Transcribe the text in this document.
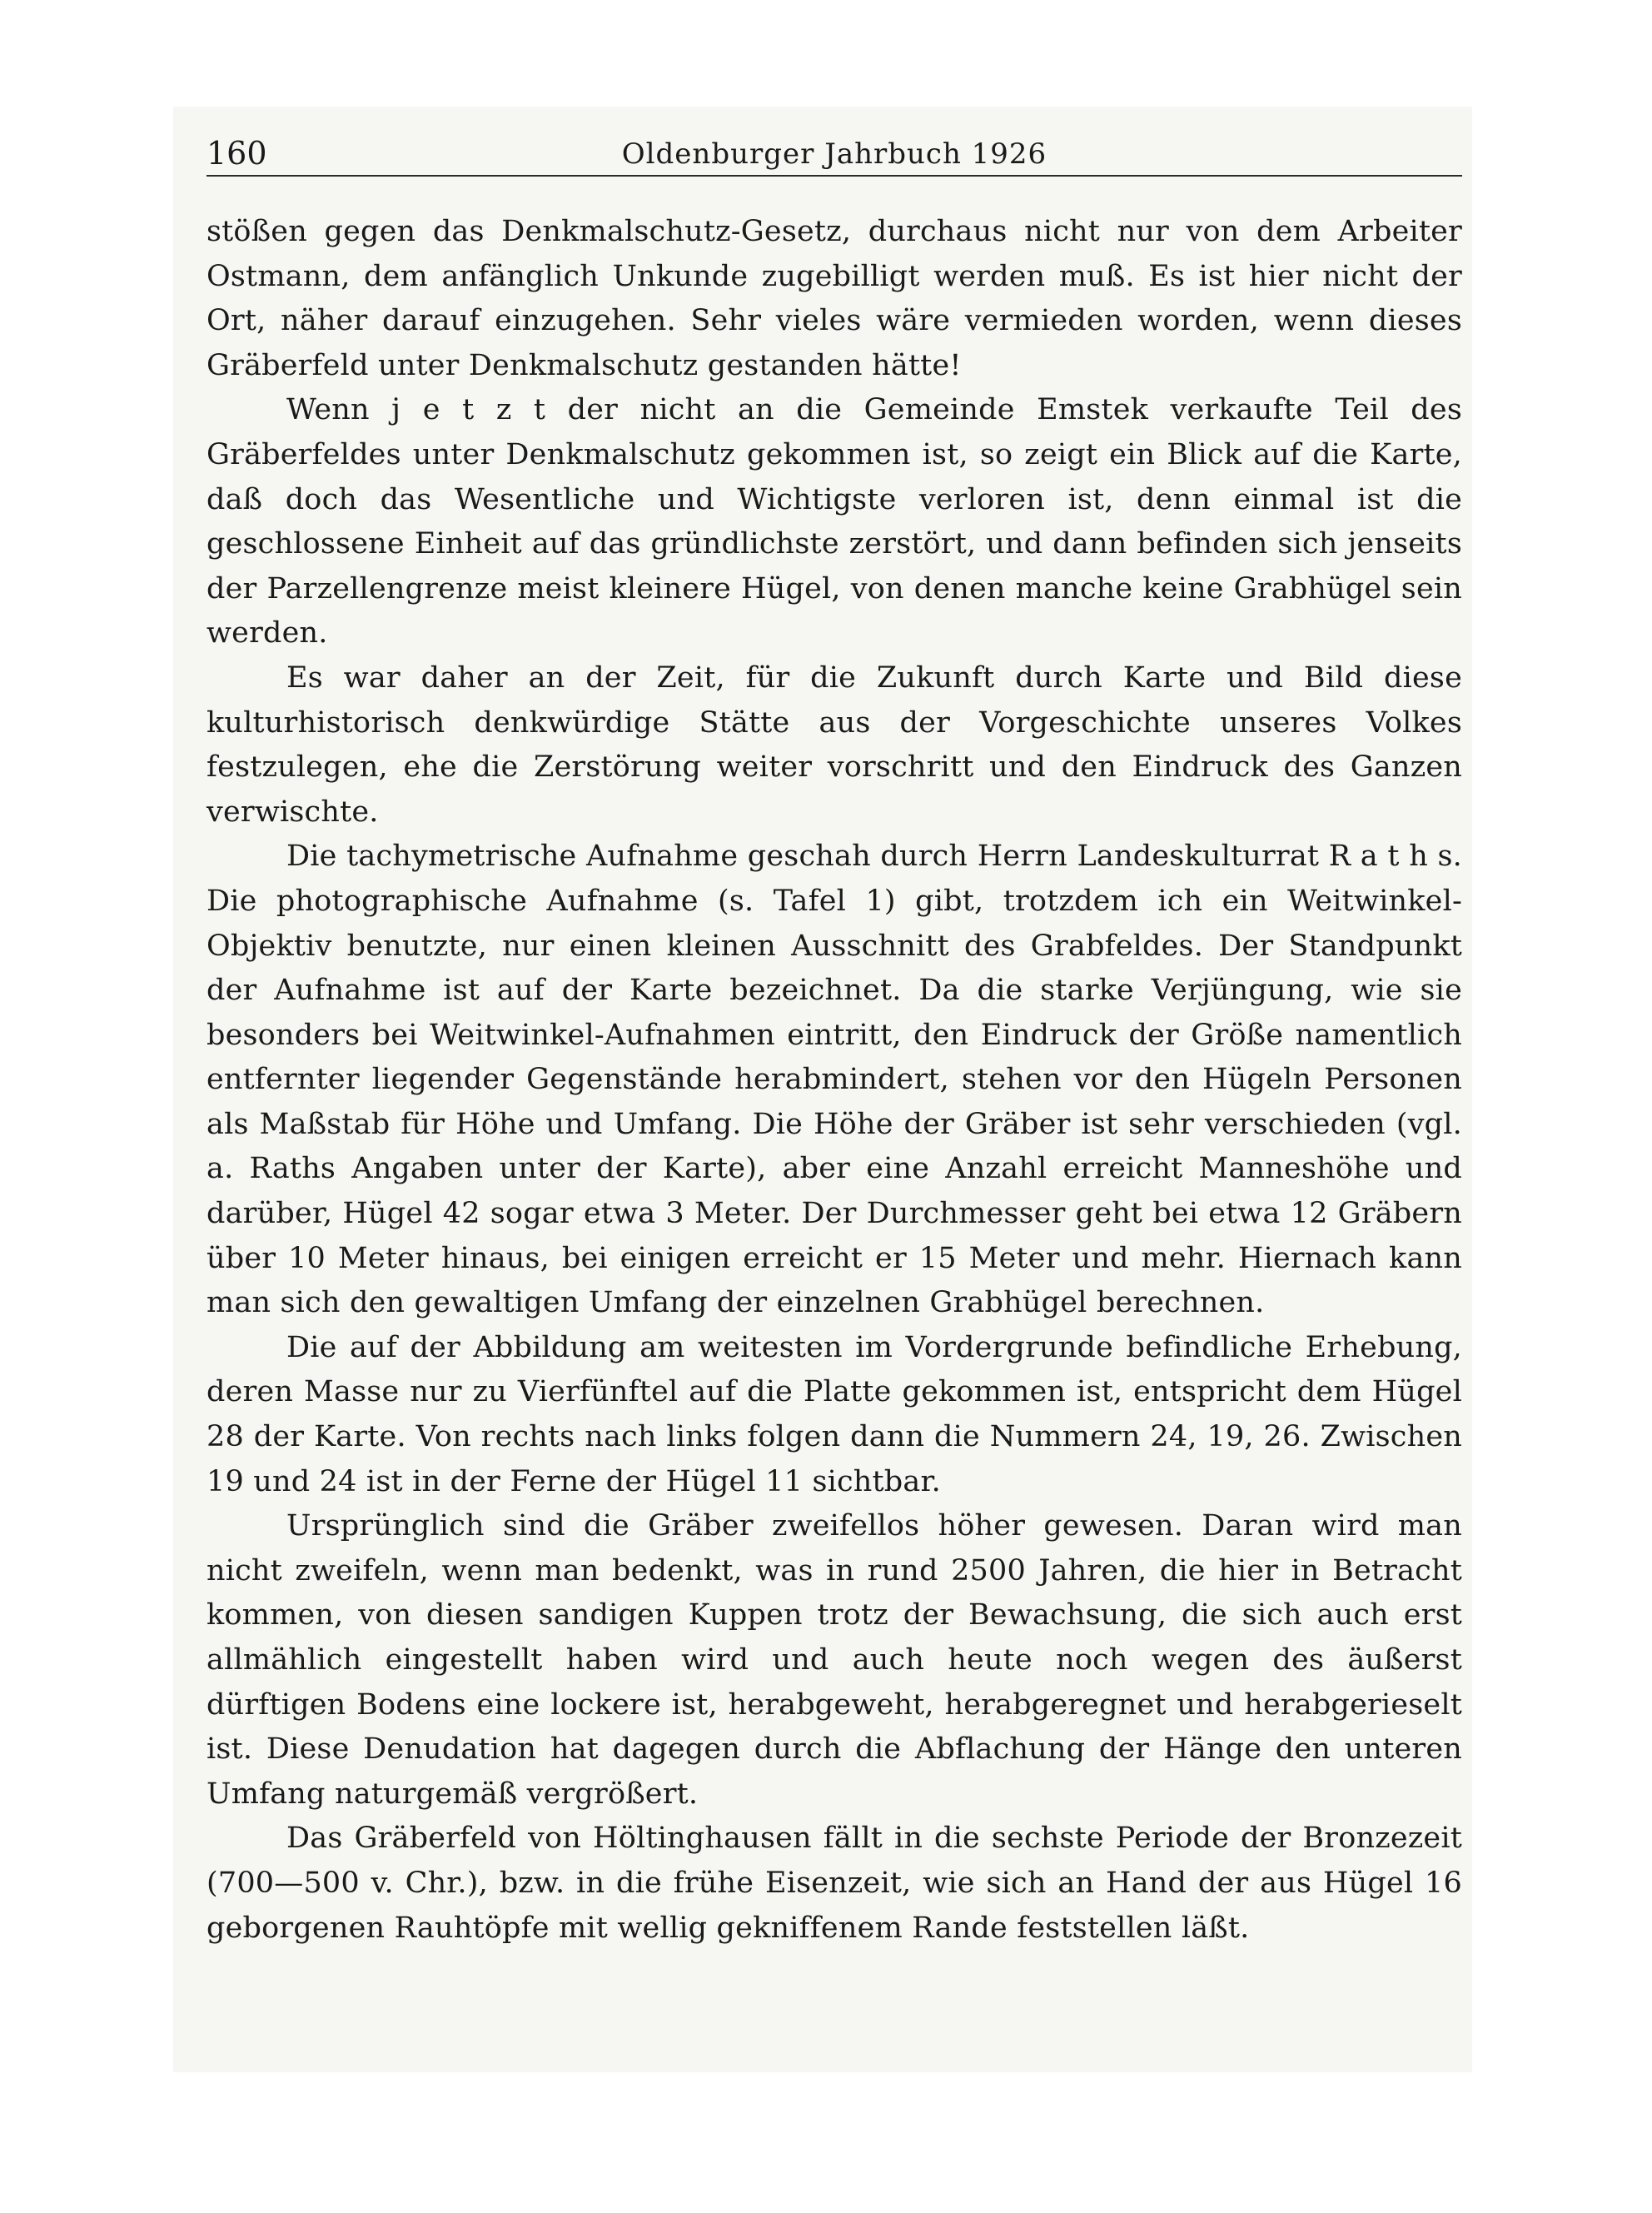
160	Oldenburger Jahrbuch 1926

stößen gegen das Denkmalschutz-Gesetz, durchaus nicht nur von dem Arbeiter Ostmann, dem anfänglich Unkunde zugebilligt werden muß. Es ist hier nicht der Ort, näher darauf einzugehen. Sehr vieles wäre vermieden worden, wenn dieses Gräberfeld unter Denkmalschutz gestanden hätte!

Wenn j e t z t der nicht an die Gemeinde Emstek verkaufte Teil des Gräberfeldes unter Denkmalschutz gekommen ist, so zeigt ein Blick auf die Karte, daß doch das Wesentliche und Wichtigste verloren ist, denn einmal ist die geschlossene Einheit auf das gründlichste zerstört, und dann befinden sich jenseits der Parzellengrenze meist kleinere Hügel, von denen manche keine Grabhügel sein werden.

Es war daher an der Zeit, für die Zukunft durch Karte und Bild diese kulturhistorisch denkwürdige Stätte aus der Vorgeschichte unseres Volkes festzulegen, ehe die Zerstörung weiter vorschritt und den Eindruck des Ganzen verwischte.

Die tachymetrische Aufnahme geschah durch Herrn Landeskulturrat R a t h s. Die photographische Aufnahme (s. Tafel 1) gibt, trotzdem ich ein Weitwinkel-Objektiv benutzte, nur einen kleinen Ausschnitt des Grabfeldes. Der Standpunkt der Aufnahme ist auf der Karte bezeichnet. Da die starke Verjüngung, wie sie besonders bei Weitwinkel-Aufnahmen eintritt, den Eindruck der Größe namentlich entfernter liegender Gegenstände herabmindert, stehen vor den Hügeln Personen als Maßstab für Höhe und Umfang. Die Höhe der Gräber ist sehr verschieden (vgl. a. Raths Angaben unter der Karte), aber eine Anzahl erreicht Manneshöhe und darüber, Hügel 42 sogar etwa 3 Meter. Der Durchmesser geht bei etwa 12 Gräbern über 10 Meter hinaus, bei einigen erreicht er 15 Meter und mehr. Hiernach kann man sich den gewaltigen Umfang der einzelnen Grabhügel berechnen.

Die auf der Abbildung am weitesten im Vordergrunde befindliche Erhebung, deren Masse nur zu Vierfünftel auf die Platte gekommen ist, entspricht dem Hügel 28 der Karte. Von rechts nach links folgen dann die Nummern 24, 19, 26. Zwischen 19 und 24 ist in der Ferne der Hügel 11 sichtbar.

Ursprünglich sind die Gräber zweifellos höher gewesen. Daran wird man nicht zweifeln, wenn man bedenkt, was in rund 2500 Jahren, die hier in Betracht kommen, von diesen sandigen Kuppen trotz der Bewachsung, die sich auch erst allmählich eingestellt haben wird und auch heute noch wegen des äußerst dürftigen Bodens eine lockere ist, herabgeweht, herabgeregnet und herabgerieselt ist. Diese Denudation hat dagegen durch die Abflachung der Hänge den unteren Umfang naturgemäß vergrößert.

Das Gräberfeld von Höltinghausen fällt in die sechste Periode der Bronzezeit (700—500 v. Chr.), bzw. in die frühe Eisenzeit, wie sich an Hand der aus Hügel 16 geborgenen Rauhtöpfe mit wellig gekniffenem Rande feststellen läßt.
